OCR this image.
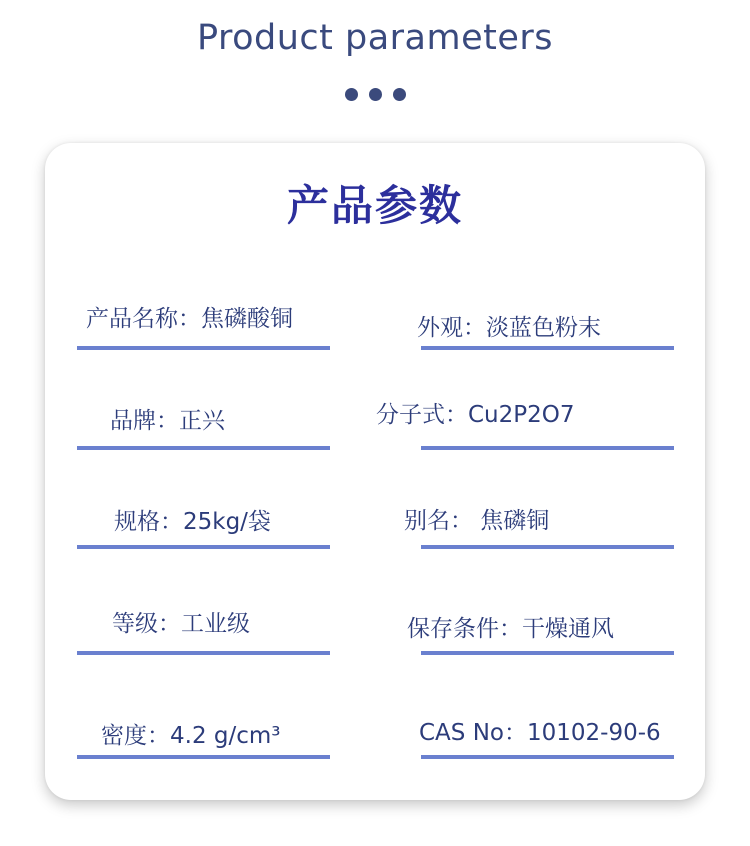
Product parameters
产品参数
产品名称：焦磷酸铜	外观：淡蓝色粉末
品牌：正兴	分子式：Cu2P2O7
规格：25kg/袋	别名： 焦磷铜
等级：工业级	保存条件：干燥通风
密度：4.2 g/cm³	CAS No：10102-90-6
